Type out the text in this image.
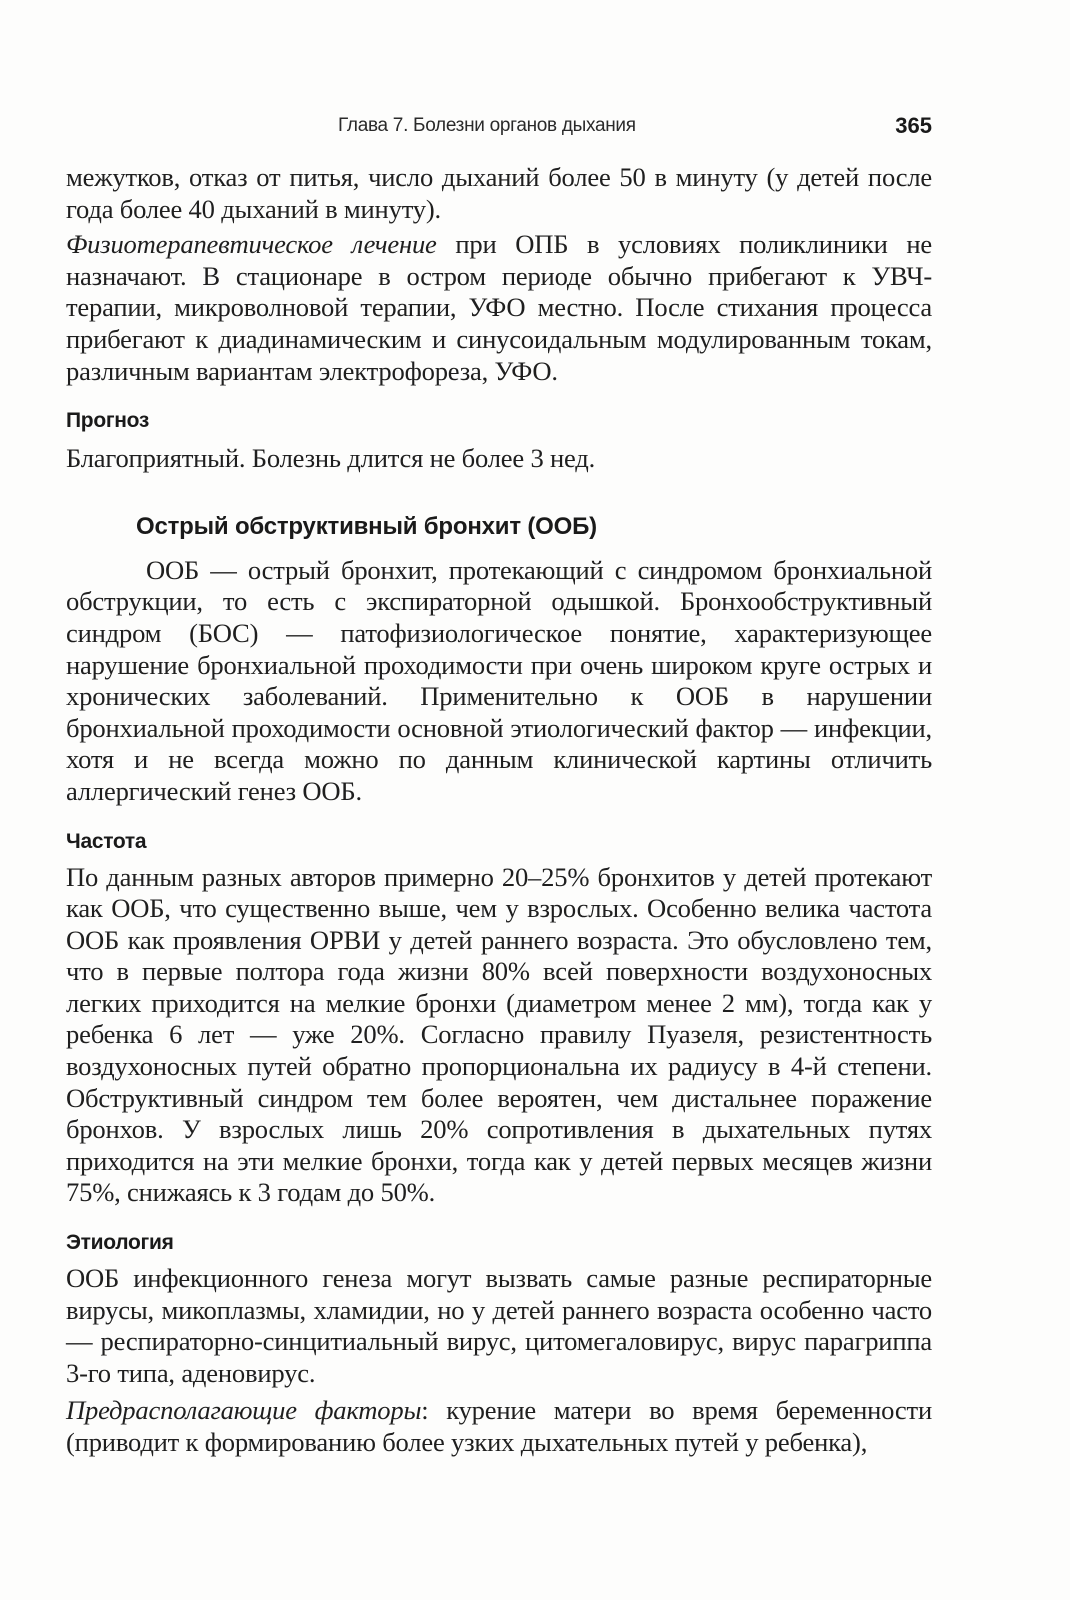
Глава 7. Болезни органов дыхания	365

межутков, отказ от питья, число дыханий более 50 в минуту (у детей после года более 40 дыханий в минуту).

Физиотерапевтическое лечение при ОПБ в условиях поликлиники не назначают. В стационаре в остром периоде обычно прибегают к УВЧ-терапии, микроволновой терапии, УФО местно. После стихания процесса прибегают к диадинамическим и синусоидальным модулированным токам, различным вариантам электрофореза, УФО.

Прогноз

Благоприятный. Болезнь длится не более 3 нед.

Острый обструктивный бронхит (ООБ)

ООБ — острый бронхит, протекающий с синдромом бронхиальной обструкции, то есть с экспираторной одышкой. Бронхообструктивный синдром (БОС) — патофизиологическое понятие, характеризующее нарушение бронхиальной проходимости при очень широком круге острых и хронических заболеваний. Применительно к ООБ в нарушении бронхиальной проходимости основной этиологический фактор — инфекции, хотя и не всегда можно по данным клинической картины отличить аллергический генез ООБ.

Частота

По данным разных авторов примерно 20–25% бронхитов у детей протекают как ООБ, что существенно выше, чем у взрослых. Особенно велика частота ООБ как проявления ОРВИ у детей раннего возраста. Это обусловлено тем, что в первые полтора года жизни 80% всей поверхности воздухоносных легких приходится на мелкие бронхи (диаметром менее 2 мм), тогда как у ребенка 6 лет — уже 20%. Согласно правилу Пуазеля, резистентность воздухоносных путей обратно пропорциональна их радиусу в 4-й степени. Обструктивный синдром тем более вероятен, чем дистальнее поражение бронхов. У взрослых лишь 20% сопротивления в дыхательных путях приходится на эти мелкие бронхи, тогда как у детей первых месяцев жизни 75%, снижаясь к 3 годам до 50%.

Этиология

ООБ инфекционного генеза могут вызвать самые разные респираторные вирусы, микоплазмы, хламидии, но у детей раннего возраста особенно часто — респираторно-синцитиальный вирус, цитомегаловирус, вирус парагриппа 3-го типа, аденовирус.

Предрасполагающие факторы: курение матери во время беременности (приводит к формированию более узких дыхательных путей у ребенка),
